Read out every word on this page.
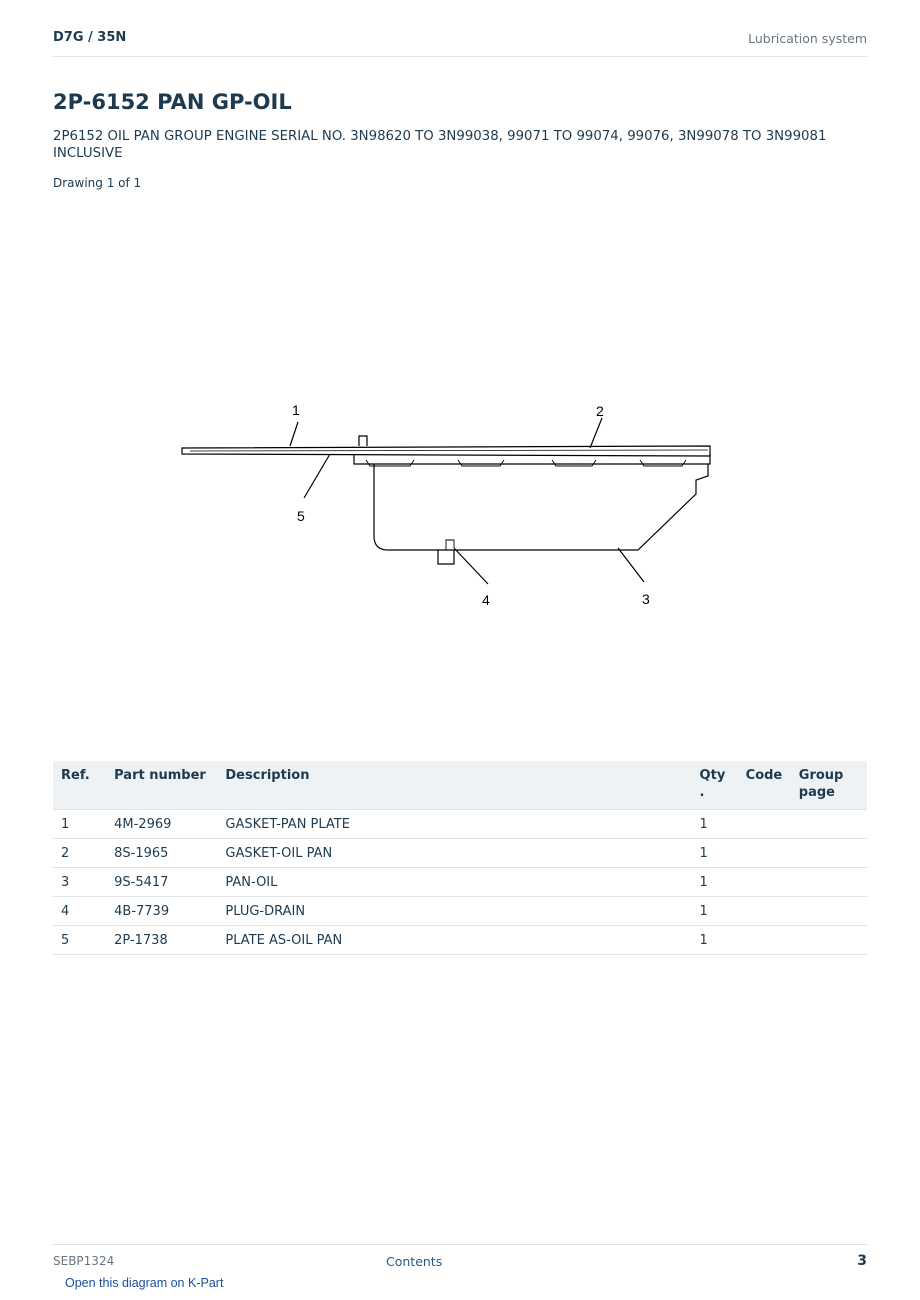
D7G / 35N	Lubrication system
2P-6152 PAN GP-OIL
2P6152 OIL PAN GROUP ENGINE SERIAL NO. 3N98620 TO 3N99038, 99071 TO 99074, 99076, 3N99078 TO 3N99081 INCLUSIVE
Drawing 1 of 1
1	2
3
4
5
Ref.	Part number	Description	Qty .	Code	Group page
1	4M-2969	GASKET-PAN PLATE	1		
2	8S-1965	GASKET-OIL PAN	1		
3	9S-5417	PAN-OIL	1		
4	4B-7739	PLUG-DRAIN	1		
5	2P-1738	PLATE AS-OIL PAN	1		
SEBP1324	Contents	3
Open this diagram on K-Part
